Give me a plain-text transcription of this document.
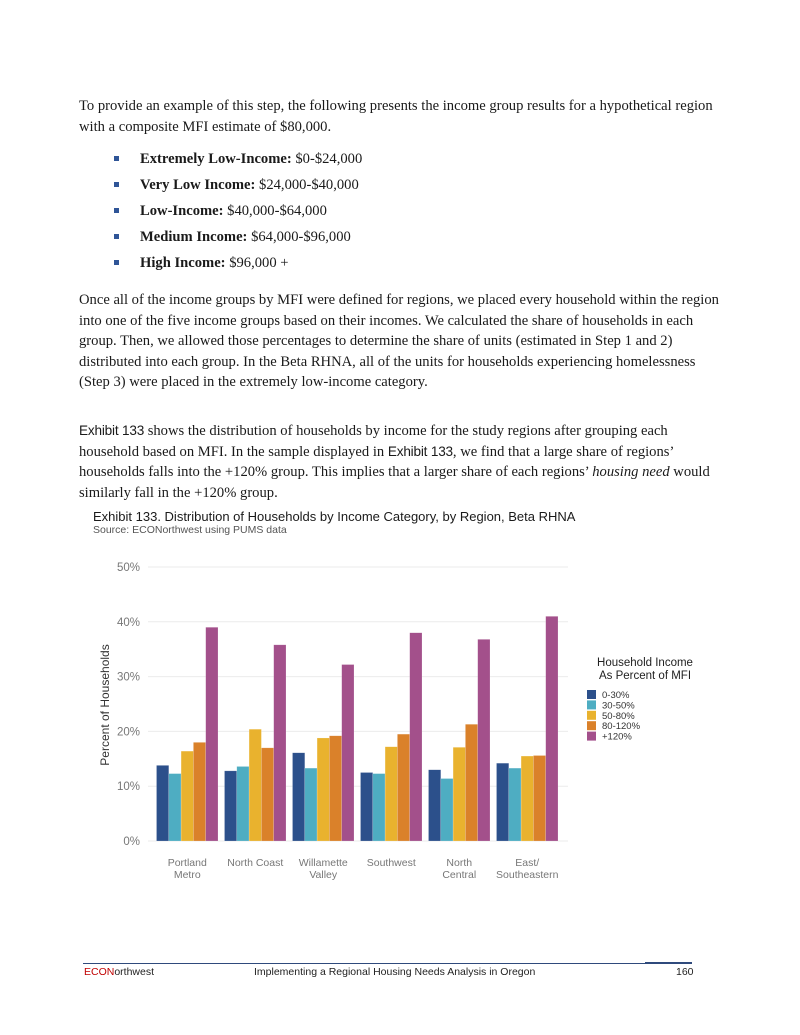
To provide an example of this step, the following presents the income group results for a hypothetical region with a composite MFI estimate of $80,000.
Extremely Low-Income: $0-$24,000
Very Low Income: $24,000-$40,000
Low-Income: $40,000-$64,000
Medium Income: $64,000-$96,000
High Income: $96,000 +
Once all of the income groups by MFI were defined for regions, we placed every household within the region into one of the five income groups based on their incomes. We calculated the share of households in each group. Then, we allowed those percentages to determine the share of units (estimated in Step 1 and 2) distributed into each group. In the Beta RHNA, all of the units for households experiencing homelessness (Step 3) were placed in the extremely low-income category.
Exhibit 133 shows the distribution of households by income for the study regions after grouping each household based on MFI. In the sample displayed in Exhibit 133, we find that a large share of regions’ households falls into the +120% group. This implies that a larger share of each regions’ housing need would similarly fall in the +120% group.
Exhibit 133. Distribution of Households by Income Category, by Region, Beta RHNA
Source: ECONorthwest using PUMS data
0%
10%
20%
30%
40%
50%
Percent of Households
Portland
Metro
North Coast Willamette
Valley
Southwest	North
Central
East/
Southeastern
Household Income
As Percent of MFI
0-30%
30-50%
50-80%
80-120%
+120%
ECONorthwest	Implementing a Regional Housing Needs Analysis in Oregon	160
